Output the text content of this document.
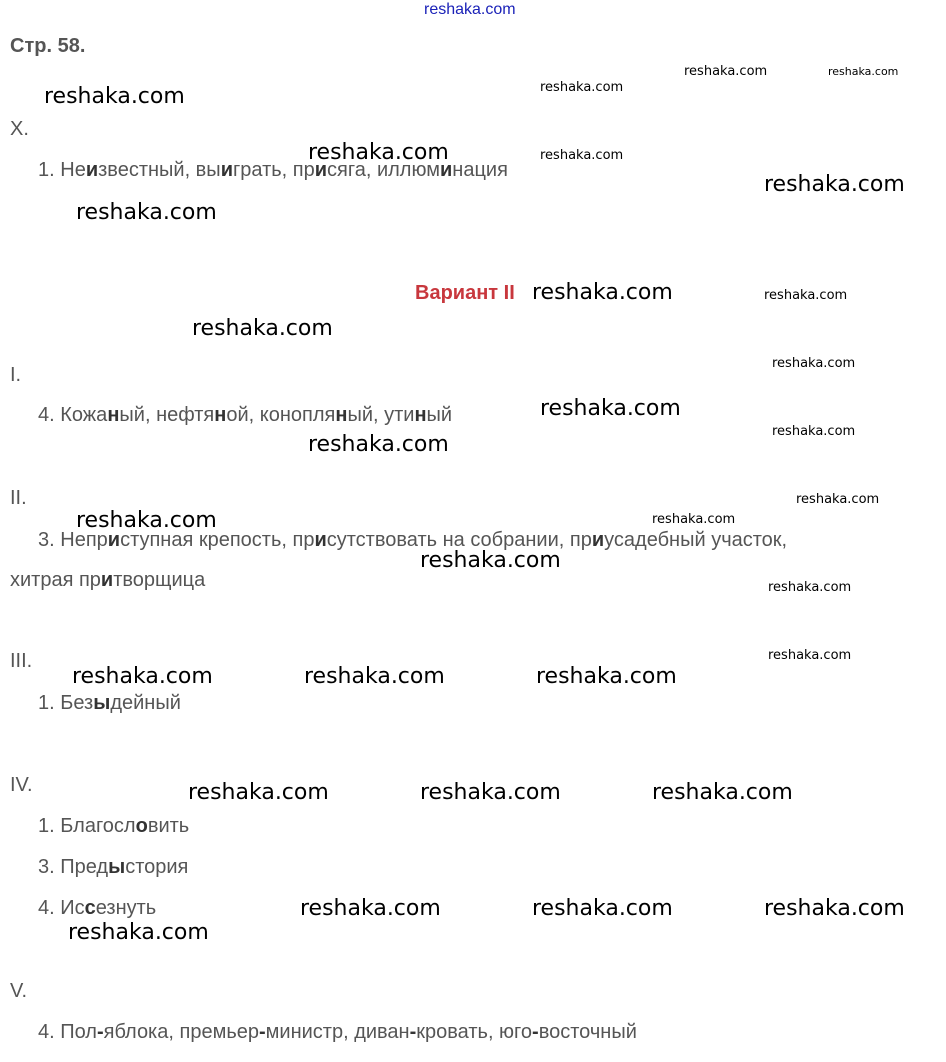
reshaka.com
Стр. 58.
X.
1. Неизвестный, выиграть, присяга, иллюминация
Вариант II
I.
4. Кожаный, нефтяной, конопляный, утиный
II.
3. Неприступная крепость, присутствовать на собрании, приусадебный участок,
хитрая притворщица
III.
1. Безыдейный
IV.
1. Благословить
3. Предыстория
4. Иссезнуть
V.
4. Пол-яблока, премьер-министр, диван-кровать, юго-восточный
reshaka.com	reshaka.com
reshaka.com	reshaka.com
reshaka.com	reshaka.com
reshaka.com
reshaka.com
reshaka.com	reshaka.com
reshaka.com
reshaka.com
reshaka.com
reshaka.com
reshaka.com
reshaka.com
reshaka.com
reshaka.com
reshaka.com
reshaka.com
reshaka.com
reshaka.com	reshaka.com	reshaka.com
reshaka.com	reshaka.com	reshaka.com
reshaka.com	reshaka.com	reshaka.com
reshaka.com
